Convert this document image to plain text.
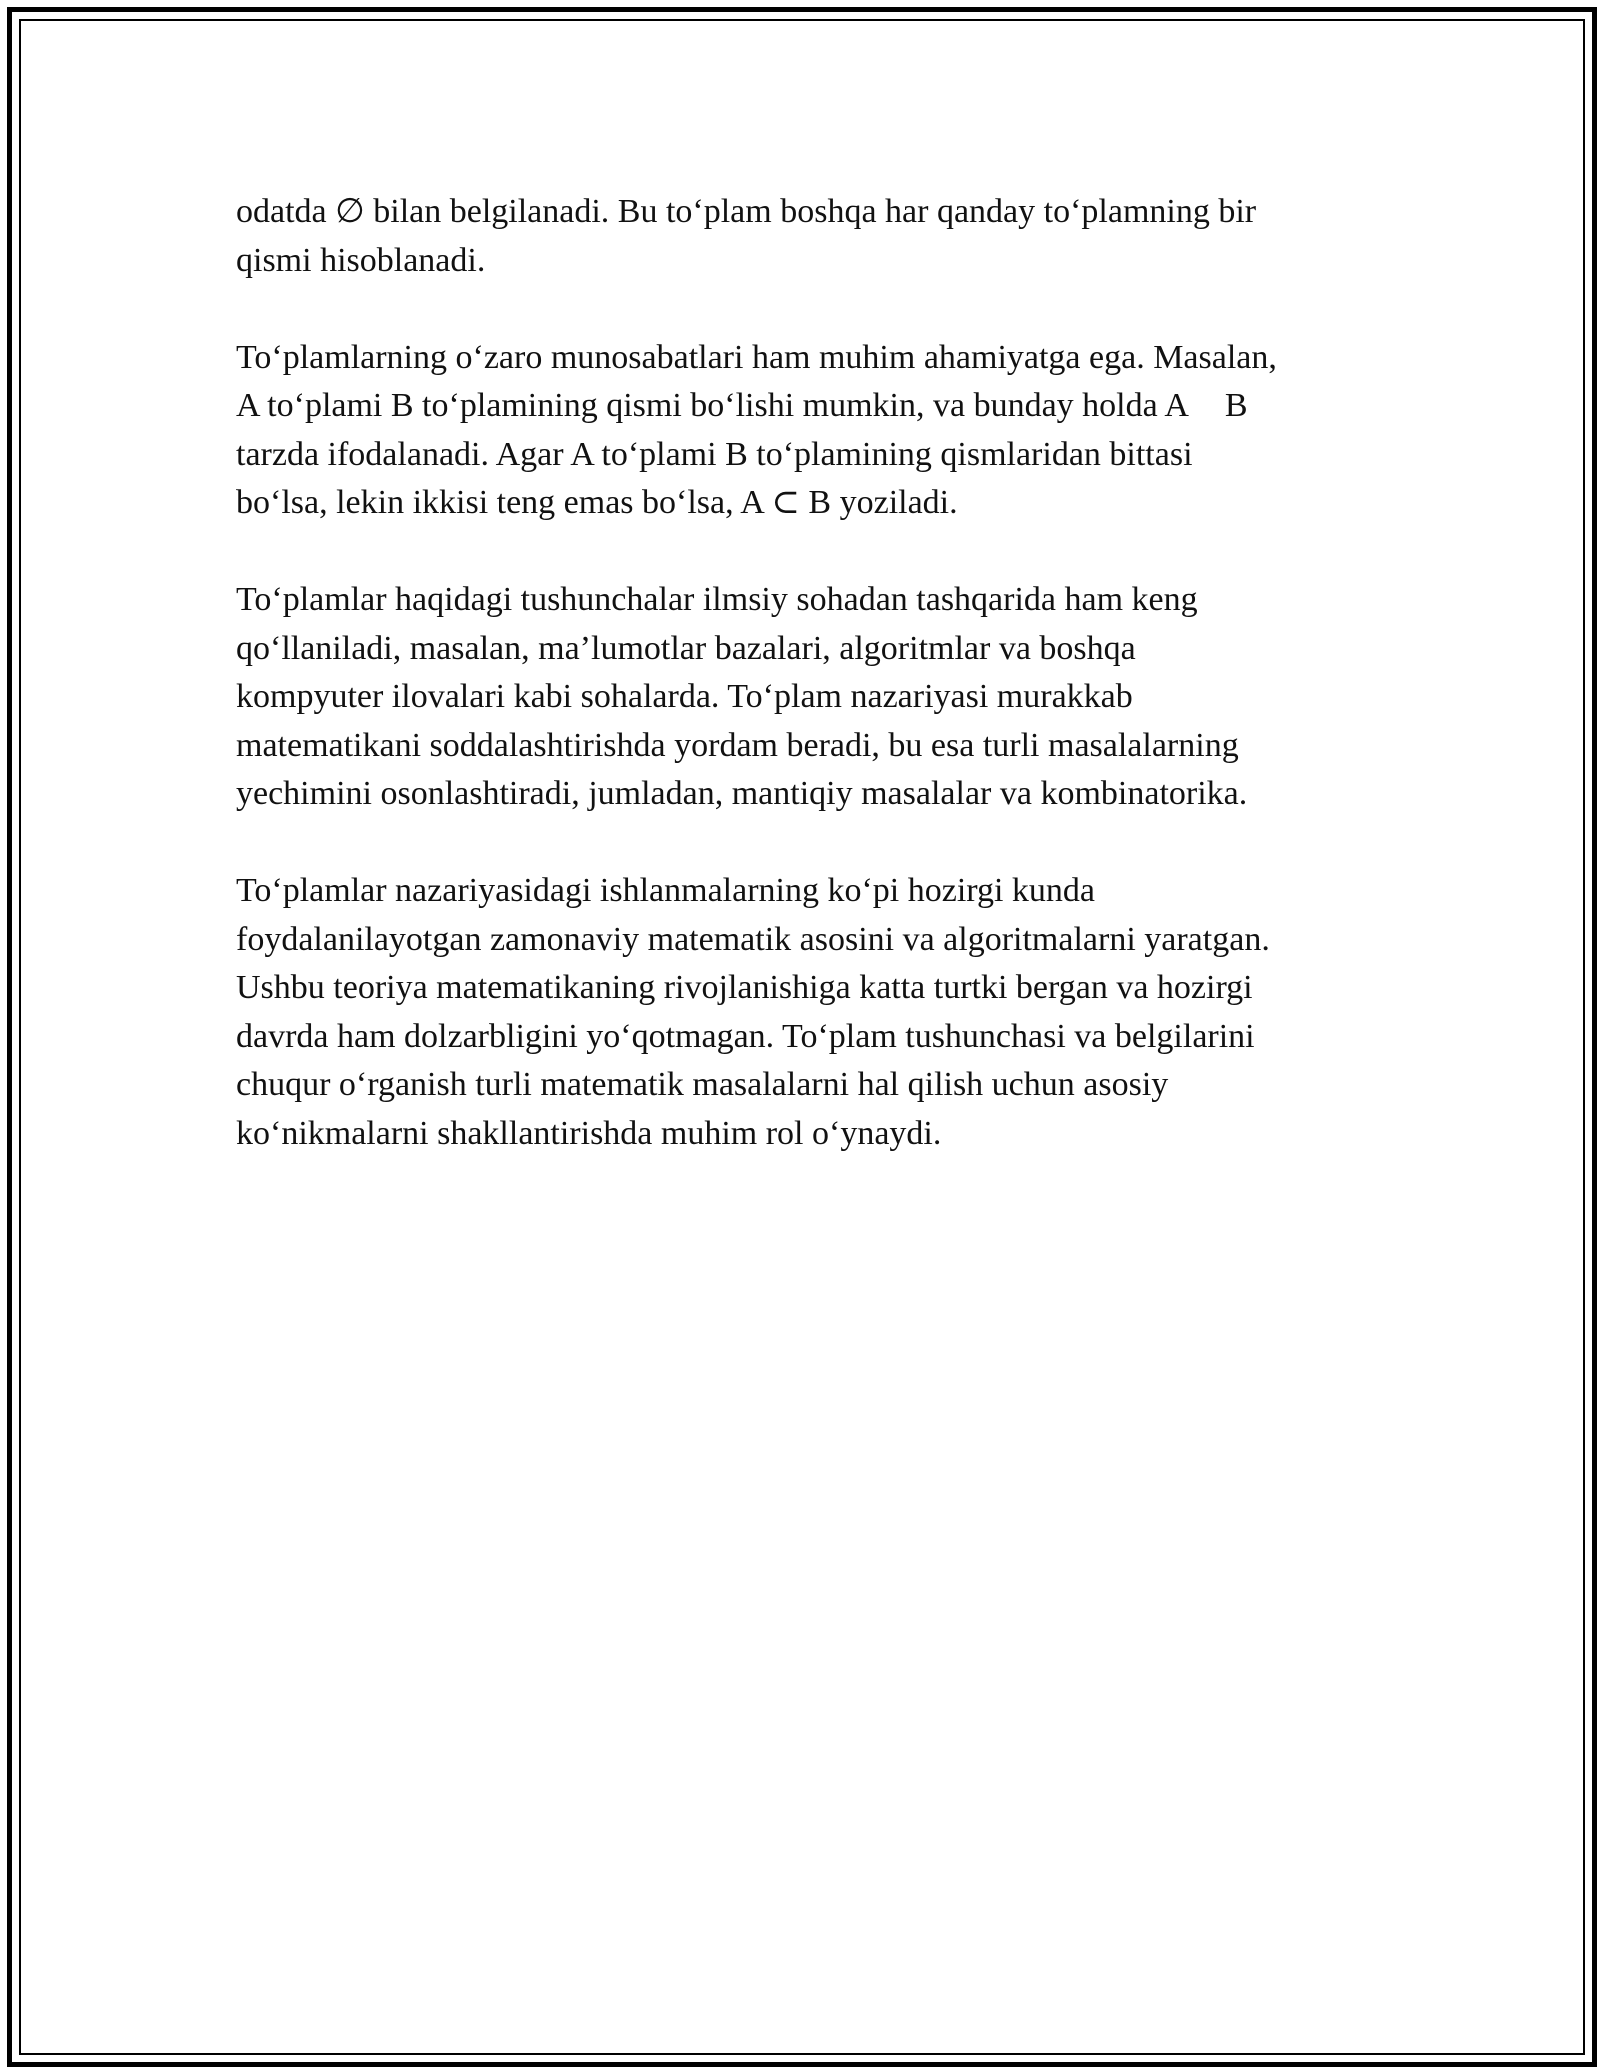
odatda ∅ bilan belgilanadi. Bu to‘plam boshqa har qanday to‘plamning bir
qismi hisoblanadi.

To‘plamlarning o‘zaro munosabatlari ham muhim ahamiyatga ega. Masalan,
A to‘plami B to‘plamining qismi bo‘lishi mumkin, va bunday holda A B
tarzda ifodalanadi. Agar A to‘plami B to‘plamining qismlaridan bittasi
bo‘lsa, lekin ikkisi teng emas bo‘lsa, A ⊂ B yoziladi.

To‘plamlar haqidagi tushunchalar ilmsiy sohadan tashqarida ham keng
qo‘llaniladi, masalan, ma’lumotlar bazalari, algoritmlar va boshqa
kompyuter ilovalari kabi sohalarda. To‘plam nazariyasi murakkab
matematikani soddalashtirishda yordam beradi, bu esa turli masalalarning
yechimini osonlashtiradi, jumladan, mantiqiy masalalar va kombinatorika.

To‘plamlar nazariyasidagi ishlanmalarning ko‘pi hozirgi kunda
foydalanilayotgan zamonaviy matematik asosini va algoritmalarni yaratgan.
Ushbu teoriya matematikaning rivojlanishiga katta turtki bergan va hozirgi
davrda ham dolzarbligini yo‘qotmagan. To‘plam tushunchasi va belgilarini
chuqur o‘rganish turli matematik masalalarni hal qilish uchun asosiy
ko‘nikmalarni shakllantirishda muhim rol o‘ynaydi.
